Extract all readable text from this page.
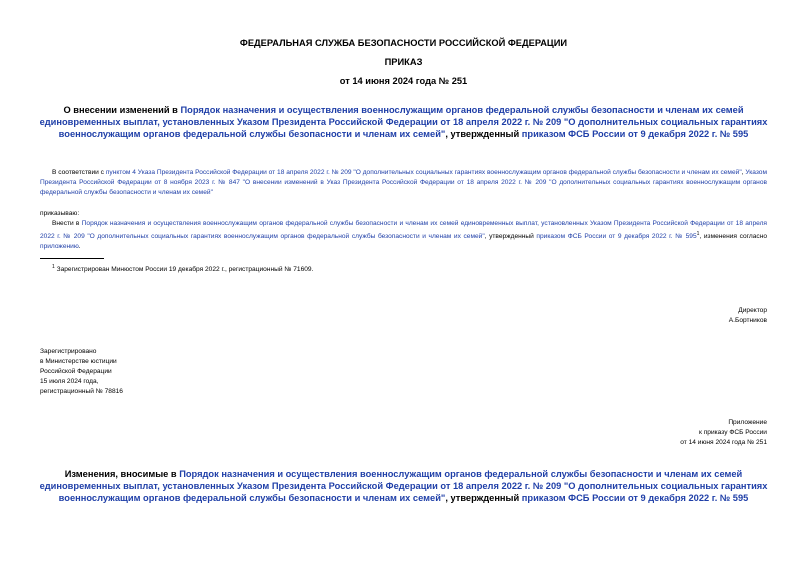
ФЕДЕРАЛЬНАЯ СЛУЖБА БЕЗОПАСНОСТИ РОССИЙСКОЙ ФЕДЕРАЦИИ
ПРИКАЗ
от 14 июня 2024 года № 251
О внесении изменений в Порядок назначения и осуществления военнослужащим органов федеральной службы безопасности и членам их семей единовременных выплат, установленных Указом Президента Российской Федерации от 18 апреля 2022 г. № 209 "О дополнительных социальных гарантиях военнослужащим органов федеральной службы безопасности и членам их семей", утвержденный приказом ФСБ России от 9 декабря 2022 г. № 595
В соответствии с пунктом 4 Указа Президента Российской Федерации от 18 апреля 2022 г. № 209 "О дополнительных социальных гарантиях военнослужащим органов федеральной службы безопасности и членам их семей", Указом Президента Российской Федерации от 8 ноября 2023 г. № 847 "О внесении изменений в Указ Президента Российской Федерации от 18 апреля 2022 г. № 209 "О дополнительных социальных гарантиях военнослужащим органов федеральной службы безопасности и членам их семей"
приказываю:
Внести в Порядок назначения и осуществления военнослужащим органов федеральной службы безопасности и членам их семей единовременных выплат, установленных Указом Президента Российской Федерации от 18 апреля 2022 г. № 209 "О дополнительных социальных гарантиях военнослужащим органов федеральной службы безопасности и членам их семей", утвержденный приказом ФСБ России от 9 декабря 2022 г. № $595^1$, изменения согласно приложению.
$^1$ Зарегистрирован Минюстом России 19 декабря 2022 г., регистрационный № 71609.
Директор
А.Бортников
Зарегистрировано
в Министерстве юстиции
Российской Федерации
15 июля 2024 года,
регистрационный № 78816
Приложение
к приказу ФСБ России
от 14 июня 2024 года № 251
Изменения, вносимые в Порядок назначения и осуществления военнослужащим органов федеральной службы безопасности и членам их семей единовременных выплат, установленных Указом Президента Российской Федерации от 18 апреля 2022 г. № 209 "О дополнительных социальных гарантиях военнослужащим органов федеральной службы безопасности и членам их семей", утвержденный приказом ФСБ России от 9 декабря 2022 г. № 595
